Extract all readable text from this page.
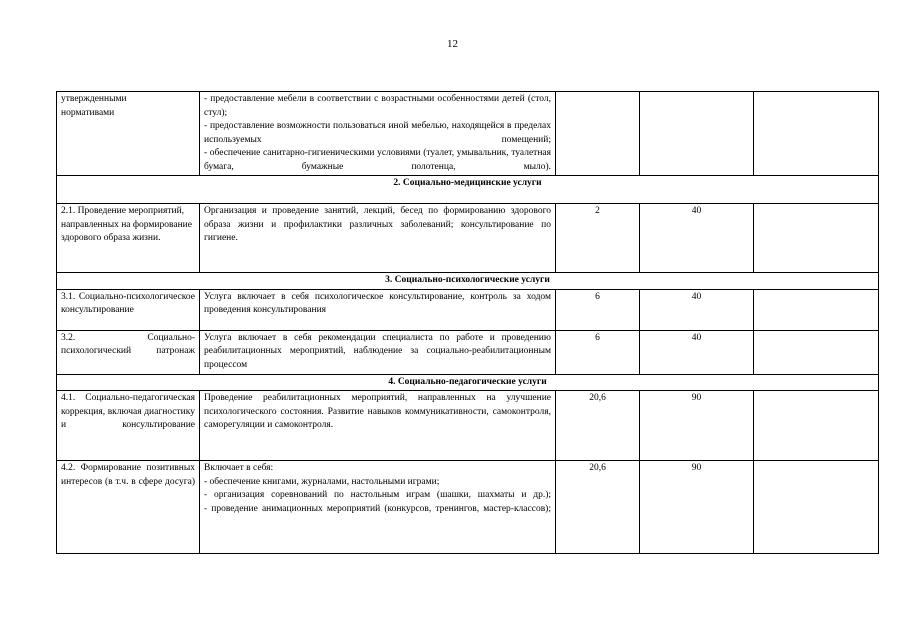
12
утвержденными
нормативами	- предоставление мебели в соответствии с возрастными особенностями детей (стол, стул);
- предоставление возможности пользоваться иной мебелью, находящейся в пределах используемых помещений;
- обеспечение санитарно-гигиеническими условиями (туалет, умывальник, туалетная бумага, бумажные полотенца, мыло).			

2. Социально-медицинские услуги				
2.1. Проведение мероприятий, направленных на формирование здорового образа жизни.	Организация и проведение занятий, лекций, бесед по формированию здорового образа жизни и профилактики различных заболеваний; консультирование по гигиене.	2	40	
3. Социально-психологические услуги				
3.1. Социально-психологическое консультирование	Услуга включает в себя психологическое консультирование, контроль за ходом проведения консультирования	6	40	
3.2. Социально-психологический патронаж	Услуга включает в себя рекомендации специалиста по работе и проведению реабилитационных мероприятий, наблюдение за социально-реабилитационным процессом	6	40	
4. Социально-педагогические услуги				
4.1. Социально-педагогическая коррекция, включая диагностику и консультирование	Проведение реабилитационных мероприятий, направленных на улучшение психологического состояния. Развитие навыков коммуникативности, самоконтроля, саморегуляции и самоконтроля.	20,6	90	
4.2. Формирование позитивных интересов (в т.ч. в сфере досуга)	Включает в себя:
- обеспечение книгами, журналами, настольными играми;
- организация соревнований по настольным играм (шашки, шахматы и др.);
- проведение анимационных мероприятий (конкурсов, тренингов, мастер-классов);	20,6	90	
